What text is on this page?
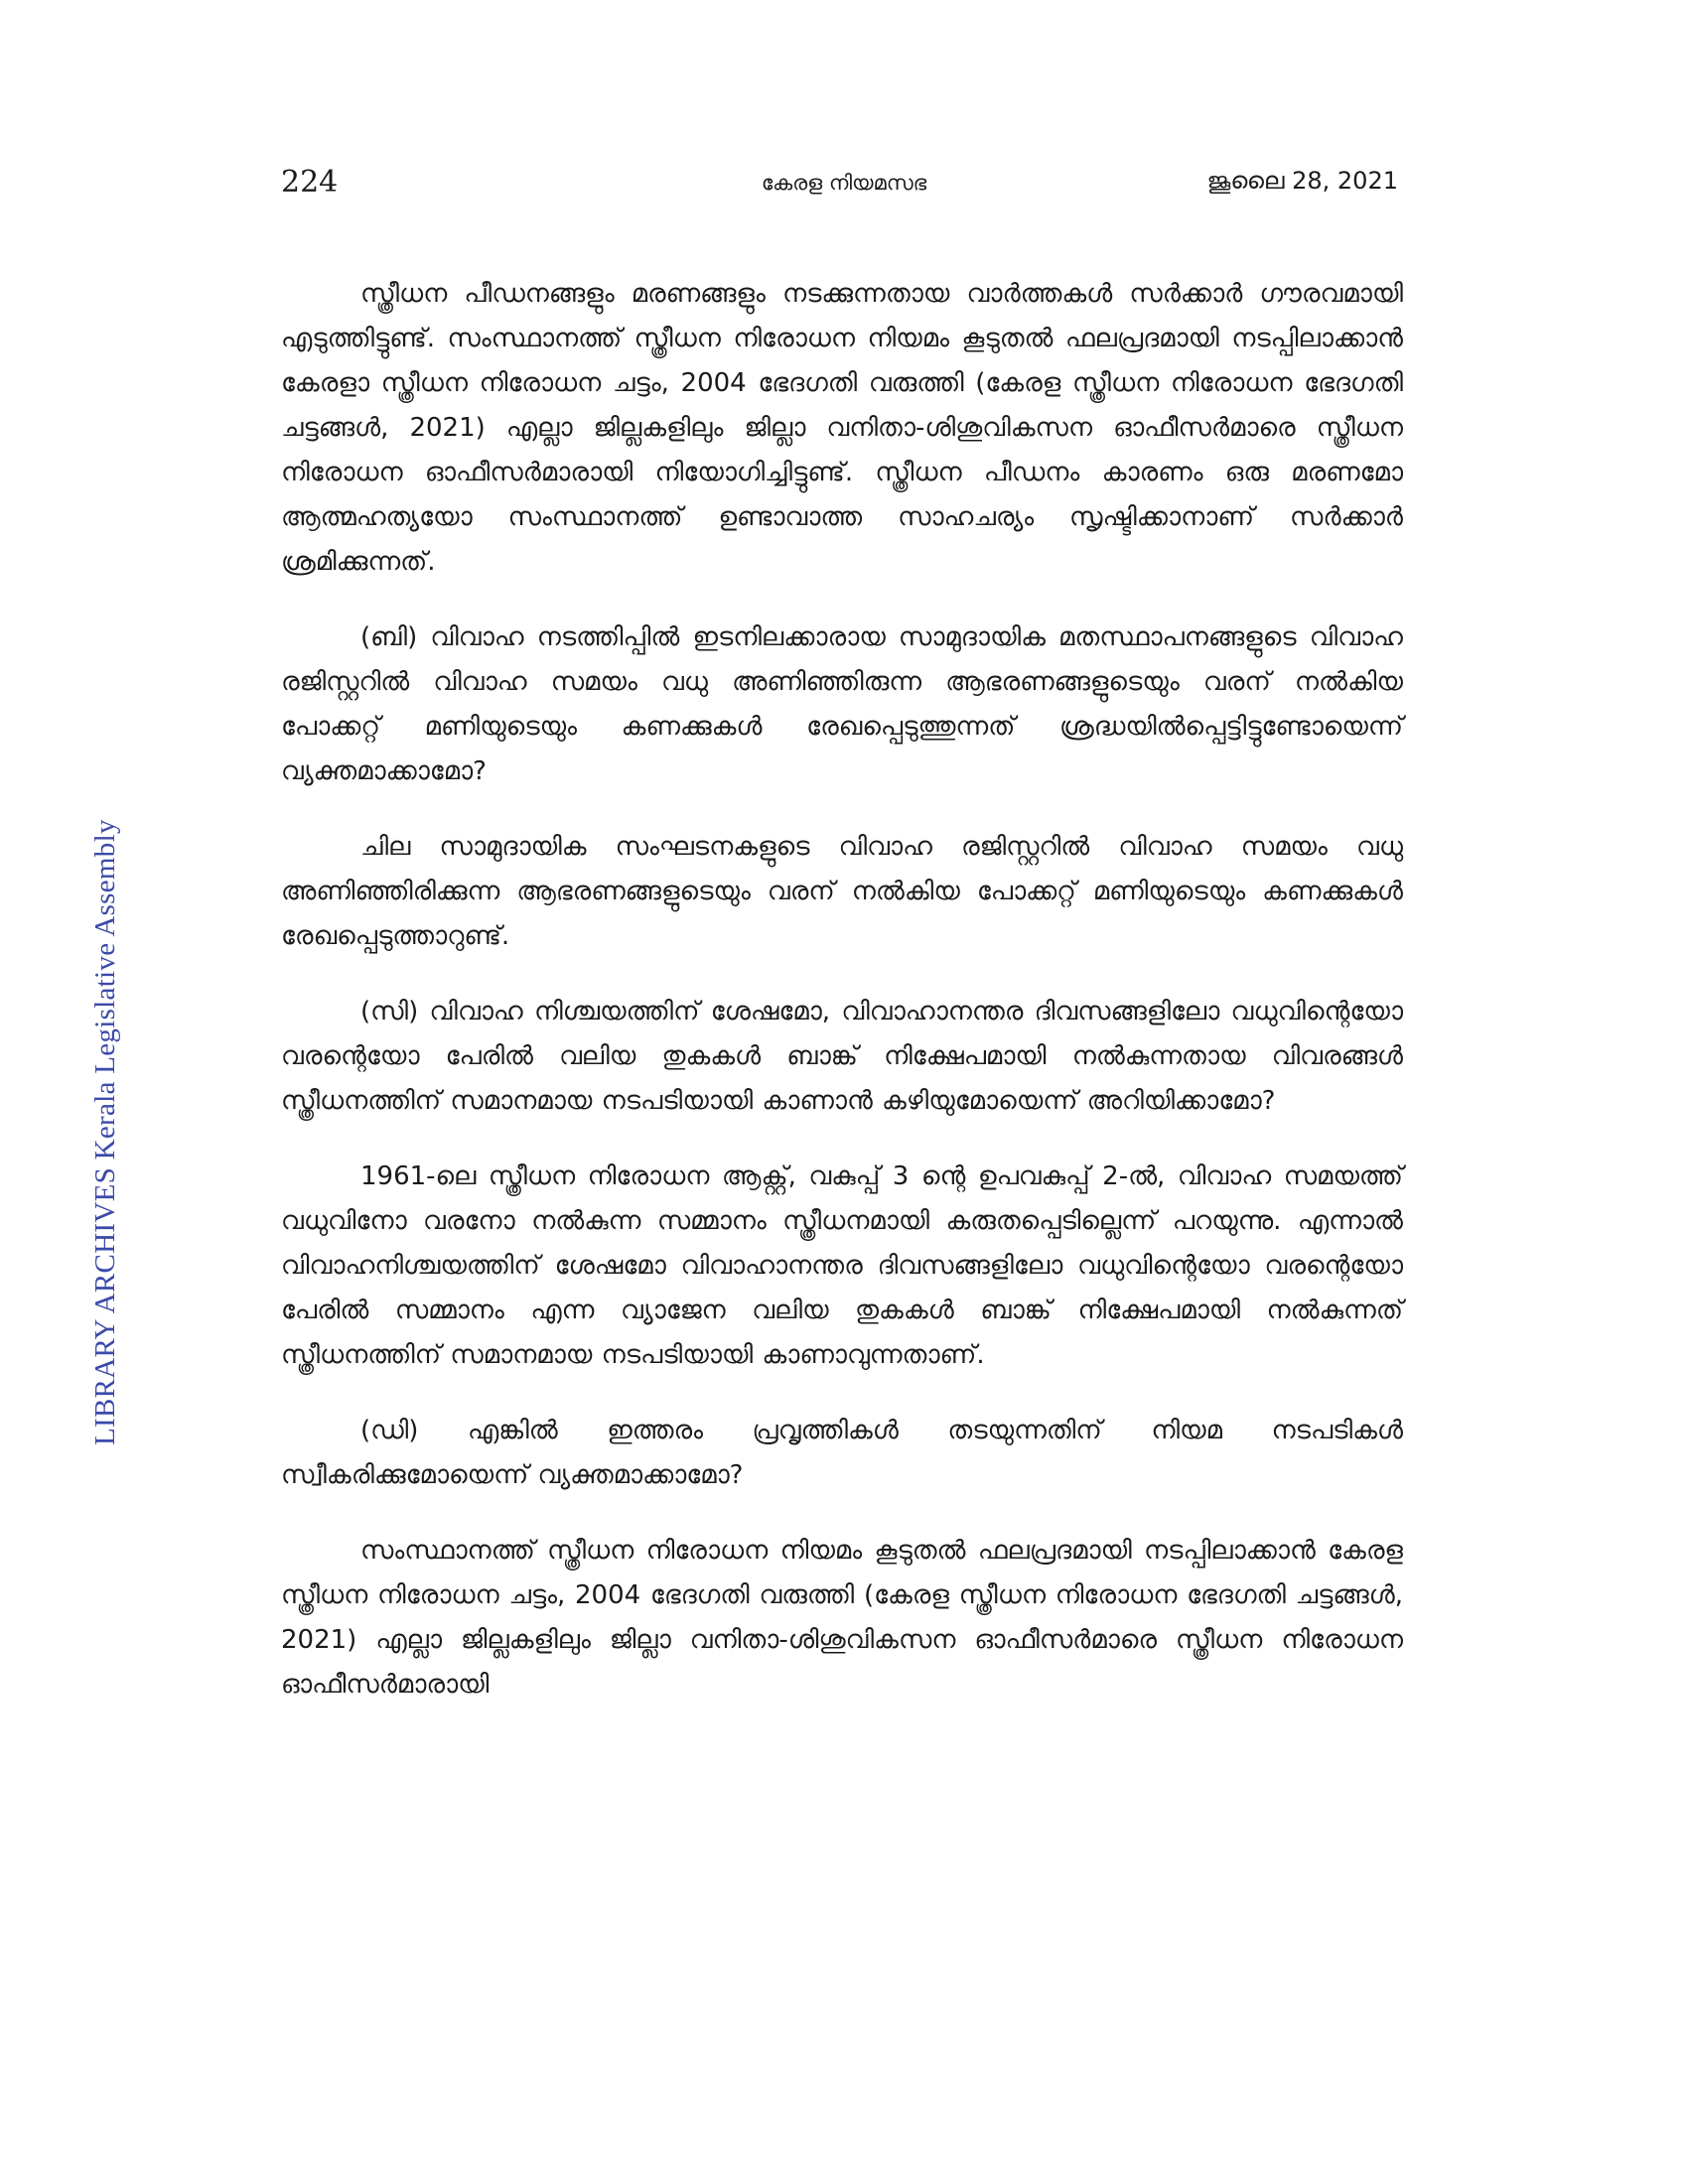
224	കേരള നിയമസഭ	ജൂലൈ 28, 2021
LIBRARY ARCHIVES Kerala Legislative Assembly

സ്ത്രീധന പീഡനങ്ങളും മരണങ്ങളും നടക്കുന്നതായ വാർത്തകൾ സർക്കാർ ഗൗരവമായി എടുത്തിട്ടുണ്ട്. സംസ്ഥാനത്ത് സ്ത്രീധന നിരോധന നിയമം കൂടുതൽ ഫലപ്രദമായി നടപ്പിലാക്കാൻ കേരളാ സ്ത്രീധന നിരോധന ചട്ടം, 2004 ഭേദഗതി വരുത്തി (കേരള സ്ത്രീധന നിരോധന ഭേദഗതി ചട്ടങ്ങൾ, 2021) എല്ലാ ജില്ലകളിലും ജില്ലാ വനിതാ-ശിശുവികസന ഓഫീസർമാരെ സ്ത്രീധന നിരോധന ഓഫീസർമാരായി നിയോഗിച്ചിട്ടുണ്ട്. സ്ത്രീധന പീഡനം കാരണം ഒരു മരണമോ ആത്മഹത്യയോ സംസ്ഥാനത്ത് ഉണ്ടാവാത്ത സാഹചര്യം സൃഷ്ടിക്കാനാണ് സർക്കാർ ശ്രമിക്കുന്നത്.

(ബി) വിവാഹ നടത്തിപ്പിൽ ഇടനിലക്കാരായ സാമുദായിക മതസ്ഥാപനങ്ങളുടെ വിവാഹ രജിസ്റ്ററിൽ വിവാഹ സമയം വധു അണിഞ്ഞിരുന്ന ആഭരണങ്ങളുടെയും വരന് നൽകിയ പോക്കറ്റ് മണിയുടെയും കണക്കുകൾ രേഖപ്പെടുത്തുന്നത് ശ്രദ്ധയിൽപ്പെട്ടിട്ടുണ്ടോയെന്ന് വ്യക്തമാക്കാമോ?

ചില സാമുദായിക സംഘടനകളുടെ വിവാഹ രജിസ്റ്ററിൽ വിവാഹ സമയം വധു അണിഞ്ഞിരിക്കുന്ന ആഭരണങ്ങളുടെയും വരന് നൽകിയ പോക്കറ്റ് മണിയുടെയും കണക്കുകൾ രേഖപ്പെടുത്താറുണ്ട്.

(സി) വിവാഹ നിശ്ചയത്തിന് ശേഷമോ, വിവാഹാനന്തര ദിവസങ്ങളിലോ വധുവിന്റെയോ വരന്റെയോ പേരിൽ വലിയ തുകകൾ ബാങ്ക് നിക്ഷേപമായി നൽകുന്നതായ വിവരങ്ങൾ സ്ത്രീധനത്തിന് സമാനമായ നടപടിയായി കാണാൻ കഴിയുമോയെന്ന് അറിയിക്കാമോ?

1961-ലെ സ്ത്രീധന നിരോധന ആക്റ്റ്, വകുപ്പ് 3 ന്റെ ഉപവകുപ്പ് 2-ൽ, വിവാഹ സമയത്ത് വധുവിനോ വരനോ നൽകുന്ന സമ്മാനം സ്ത്രീധനമായി കരുതപ്പെടില്ലെന്ന് പറയുന്നു. എന്നാൽ വിവാഹനിശ്ചയത്തിന് ശേഷമോ വിവാഹാനന്തര ദിവസങ്ങളിലോ വധുവിന്റെയോ വരന്റെയോ പേരിൽ സമ്മാനം എന്ന വ്യാജേന വലിയ തുകകൾ ബാങ്ക് നിക്ഷേപമായി നൽകുന്നത് സ്ത്രീധനത്തിന് സമാനമായ നടപടിയായി കാണാവുന്നതാണ്.

(ഡി) എങ്കിൽ ഇത്തരം പ്രവൃത്തികൾ തടയുന്നതിന് നിയമ നടപടികൾ സ്വീകരിക്കുമോയെന്ന് വ്യക്തമാക്കാമോ?

സംസ്ഥാനത്ത് സ്ത്രീധന നിരോധന നിയമം കൂടുതൽ ഫലപ്രദമായി നടപ്പിലാക്കാൻ കേരള സ്ത്രീധന നിരോധന ചട്ടം, 2004 ഭേദഗതി വരുത്തി (കേരള സ്ത്രീധന നിരോധന ഭേദഗതി ചട്ടങ്ങൾ, 2021) എല്ലാ ജില്ലകളിലും ജില്ലാ വനിതാ-ശിശുവികസന ഓഫീസർമാരെ സ്ത്രീധന നിരോധന ഓഫീസർമാരായി
